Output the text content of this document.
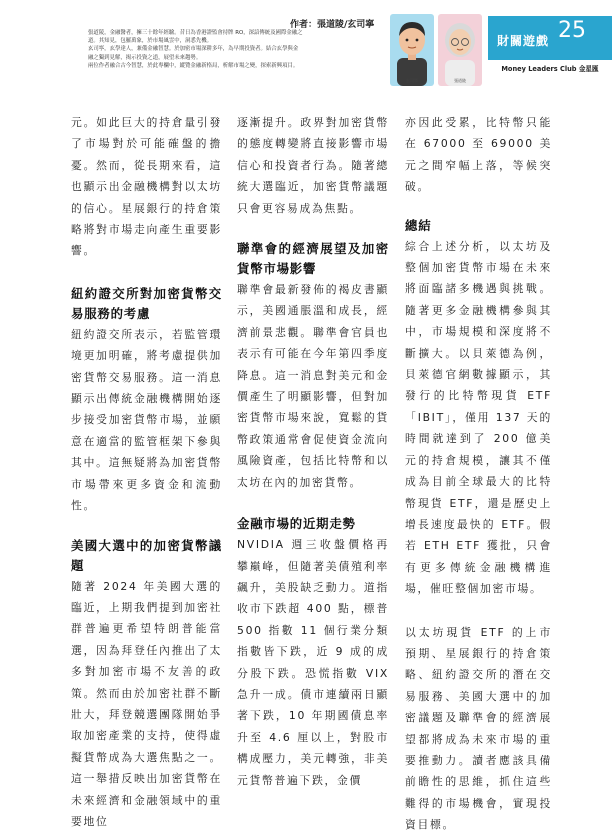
作者：張道陵/玄司寧

張道陵，金融醫者，擁三十餘年經驗。昔日為香港證監會持牌 RO，深諳傳統及國際金融之

道。其知見，包羅萬象，於市場風雲中，洞悉先機。

玄司寧，玄學達人，兼備金融智慧。於加密市場深耕多年，為早期投資者。結合玄學與金

融之獨到見解，揭示投資之道，展望未來趨勢。

兩位作者融合古今智慧，於此專欄中，縱覽金融新格局，析解市場之變，探索新興項目。

玄司寧	張道陵
財關遊戲 25
Money Leaders Club 金星匯

元。如此巨大的持倉量引發了市場對於可能確盤的擔憂。然而，從長期來看，這也顯示出金融機構對以太坊的信心。星展銀行的持倉策略將對市場走向產生重要影響。

紐約證交所對加密貨幣交易服務的考慮

紐約證交所表示，若監管環境更加明確，將考慮提供加密貨幣交易服務。這一消息顯示出傳統金融機構開始逐步接受加密貨幣市場，並願意在適當的監管框架下參與其中。這無疑將為加密貨幣市場帶來更多資金和流動性。

美國大選中的加密貨幣議題

隨著 2024 年美國大選的臨近，上期我們提到加密社群普遍更希望特朗普能當選，因為拜登任內推出了太多對加密市場不友善的政策。然而由於加密社群不斷壯大，拜登競選團隊開始爭取加密產業的支持，使得虛擬貨幣成為大選焦點之一。這一舉措反映出加密貨幣在未來經濟和金融領域中的重要地位

逐漸提升。政界對加密貨幣的態度轉變將直接影響市場信心和投資者行為。隨著總統大選臨近，加密貨幣議題只會更容易成為焦點。

聯準會的經濟展望及加密貨幣市場影響

聯準會最新發佈的褐皮書顯示，美國通脹溫和成長，經濟前景悲觀。聯準會官員也表示有可能在今年第四季度降息。這一消息對美元和金價產生了明顯影響，但對加密貨幣市場來說，寬鬆的貨幣政策通常會促使資金流向風險資產，包括比特幣和以太坊在內的加密貨幣。

金融市場的近期走勢

NVIDIA 週三收盤價格再攀巔峰，但隨著美債殖利率飆升，美股缺乏動力。道指收市下跌超 400 點，標普 500 指數 11 個行業分類指數皆下跌，近 9 成的成分股下跌。恐慌指數 VIX 急升一成。債市連續兩日顯著下跌，10 年期國債息率升至 4.6 厘以上，對股市構成壓力，美元轉強，非美元貨幣普遍下跌，金價

亦因此受累，比特幣只能在 67000 至 69000 美元之間窄幅上落，等候突破。

總結

綜合上述分析，以太坊及整個加密貨幣市場在未來將面臨諸多機遇與挑戰。隨著更多金融機構參與其中，市場規模和深度將不斷擴大。以貝萊德為例，貝萊德官網數據顯示，其發行的比特幣現貨 ETF「IBIT」，僅用 137 天的時間就達到了 200 億美元的持倉規模，讓其不僅成為目前全球最大的比特幣現貨 ETF，還是歷史上增長速度最快的 ETF。假若 ETH ETF 獲批，只會有更多傳統金融機構進場，催旺整個加密市場。

以太坊現貨 ETF 的上市預期、星展銀行的持倉策略、紐約證交所的潛在交易服務、美國大選中的加密議題及聯準會的經濟展望都將成為未來市場的重要推動力。讀者應該具備前瞻性的思維，抓住這些難得的市場機會，實現投資目標。
